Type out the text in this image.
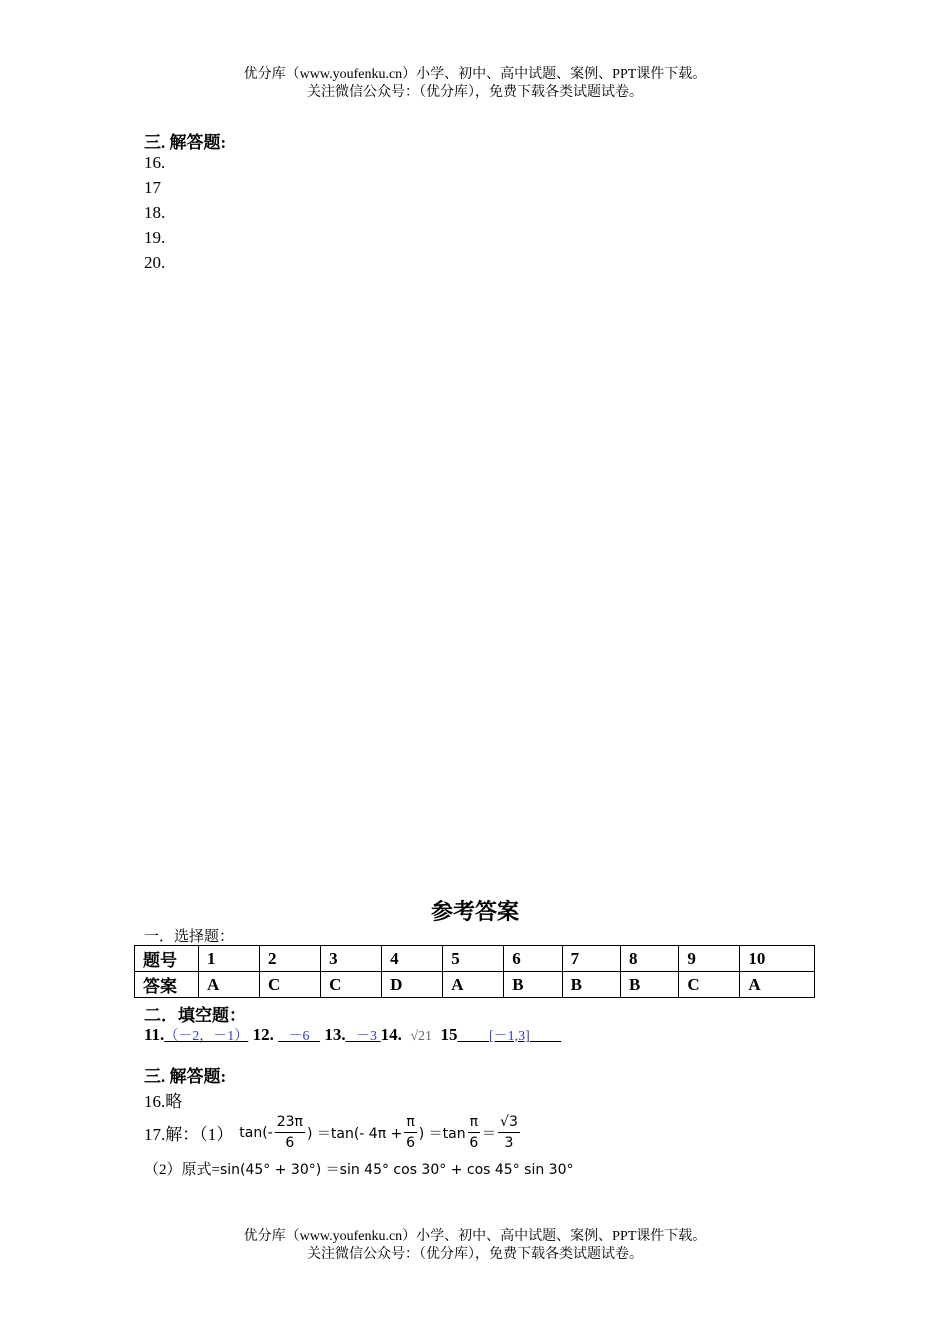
优分库（www.youfenku.cn）小学、初中、高中试题、案例、PPT课件下载。
关注微信公众号：（优分库），免费下载各类试题试卷。
三. 解答题:
16.
17
18.
19.
20.
参考答案
一．选择题：
题号	1	2	3	4	5	6	7	8	9	10
答案	A	C	C	D	A	B	B	B	C	A
二．填空题：
11.（－2，－1） 12. －6 13. －3 14. √21 15 [－1,3]
三. 解答题:
16.略
17.解：（1） $\tan(- \frac{23\pi}{6}$ ) ＝tan(- $4\pi + \frac{\pi}{6}$ ) $=\tan \frac{\pi}{6} = \frac{√3}{3}$
（2）原式=sin(45° + 30°) ＝sin 45° cos 30° + cos 45° sin 30°
优分库（www.youfenku.cn）小学、初中、高中试题、案例、PPT课件下载。
关注微信公众号：（优分库），免费下载各类试题试卷。
